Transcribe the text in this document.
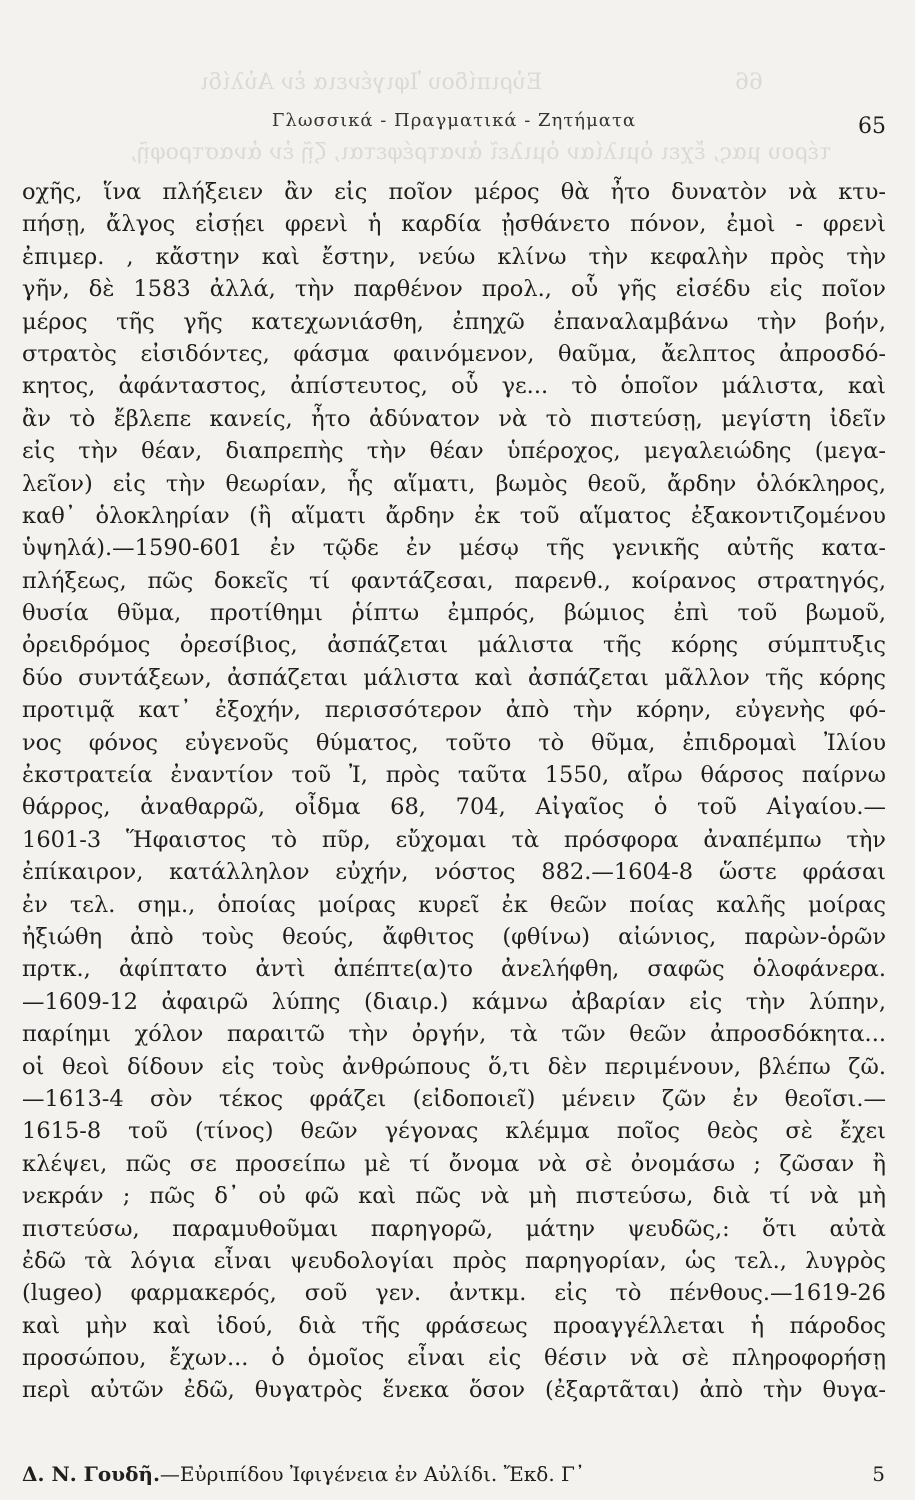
Εὐριπίδου Ἰφιγένεια ἐν Αὐλίδι	66
τέρου μας, ἔχει ὁμιλίαν ὁμιλεῖ ἀνατρέφεται, ζῇ ἐν ἀναστροφῇ,
Γλωσσικά - Πραγματικά - Ζητήματα	65
οχῆς, ἵνα πλήξειεν ἂν εἰς ποῖον μέρος θὰ ἦτο δυνατὸν νὰ κτυ-
πήσῃ, ἄλγος εἰσῄει φρενὶ ἡ καρδία ᾐσθάνετο πόνον, ἐμοὶ - φρενὶ
ἐπιμερ. , κἄστην καὶ ἔστην, νεύω κλίνω τὴν κεφαλὴν πρὸς τὴν
γῆν, δὲ 1583 ἀλλά, τὴν παρθένον προλ., οὗ γῆς εἰσέδυ εἰς ποῖον
μέρος τῆς γῆς κατεχωνιάσθη, ἐπηχῶ ἐπαναλαμβάνω τὴν βοήν,
στρατὸς εἰσιδόντες, φάσμα φαινόμενον, θαῦμα, ἄελπτος ἀπροσδό-
κητος, ἀφάνταστος, ἀπίστευτος, οὗ γε... τὸ ὁποῖον μάλιστα, καὶ
ἂν τὸ ἔβλεπε κανείς, ἦτο ἀδύνατον νὰ τὸ πιστεύσῃ, μεγίστη ἰδεῖν
εἰς τὴν θέαν, διαπρεπὴς τὴν θέαν ὑπέροχος, μεγαλειώδης (μεγα-
λεῖον) εἰς τὴν θεωρίαν, ἧς αἵματι, βωμὸς θεοῦ, ἄρδην ὁλόκληρος,
καθ᾽ ὁλοκληρίαν (ἢ αἵματι ἄρδην ἐκ τοῦ αἵματος ἐξακοντιζομένου
ὑψηλά).—1590-601 ἐν τῷδε ἐν μέσῳ τῆς γενικῆς αὐτῆς κατα-
πλήξεως, πῶς δοκεῖς τί φαντάζεσαι, παρενθ., κοίρανος στρατηγός,
θυσία θῦμα, προτίθημι ῥίπτω ἐμπρός, βώμιος ἐπὶ τοῦ βωμοῦ,
ὀρειδρόμος ὀρεσίβιος, ἀσπάζεται μάλιστα τῆς κόρης σύμπτυξις
δύο συντάξεων, ἀσπάζεται μάλιστα καὶ ἀσπάζεται μᾶλλον τῆς κόρης
προτιμᾷ κατ᾽ ἐξοχήν, περισσότερον ἀπὸ τὴν κόρην, εὐγενὴς φό-
νος φόνος εὐγενοῦς θύματος, τοῦτο τὸ θῦμα, ἐπιδρομαὶ Ἰλίου
ἐκστρατεία ἐναντίον τοῦ Ἰ, πρὸς ταῦτα 1550, αἴρω θάρσος παίρνω
θάρρος, ἀναθαρρῶ, οἶδμα 68, 704, Αἰγαῖος ὁ τοῦ Αἰγαίου.—
1601-3 Ἥφαιστος τὸ πῦρ, εὔχομαι τὰ πρόσφορα ἀναπέμπω τὴν
ἐπίκαιρον, κατάλληλον εὐχήν, νόστος 882.—1604-8 ὥστε φράσαι
ἐν τελ. σημ., ὁποίας μοίρας κυρεῖ ἐκ θεῶν ποίας καλῆς μοίρας
ἠξιώθη ἀπὸ τοὺς θεούς, ἄφθιτος (φθίνω) αἰώνιος, παρὼν-ὁρῶν
πρτκ., ἀφίπτατο ἀντὶ ἀπέπτε(α)το ἀνελήφθη, σαφῶς ὁλοφάνερα.
—1609-12 ἀφαιρῶ λύπης (διαιρ.) κάμνω ἀβαρίαν εἰς τὴν λύπην,
παρίημι χόλον παραιτῶ τὴν ὀργήν, τὰ τῶν θεῶν ἀπροσδόκητα...
οἱ θεοὶ δίδουν εἰς τοὺς ἀνθρώπους ὅ,τι δὲν περιμένουν, βλέπω ζῶ.
—1613-4 σὸν τέκος φράζει (εἰδοποιεῖ) μένειν ζῶν ἐν θεοῖσι.—
1615-8 τοῦ (τίνος) θεῶν γέγονας κλέμμα ποῖος θεὸς σὲ ἔχει
κλέψει, πῶς σε προσείπω μὲ τί ὄνομα νὰ σὲ ὀνομάσω ; ζῶσαν ἢ
νεκράν ; πῶς δ᾽ οὐ φῶ καὶ πῶς νὰ μὴ πιστεύσω, διὰ τί νὰ μὴ
πιστεύσω, παραμυθοῦμαι παρηγορῶ, μάτην ψευδῶς,: ὅτι αὐτὰ
ἐδῶ τὰ λόγια εἶναι ψευδολογίαι πρὸς παρηγορίαν, ὡς τελ., λυγρὸς
(lugeo) φαρμακερός, σοῦ γεν. ἀντκμ. εἰς τὸ πένθους.—1619-26
καὶ μὴν καὶ ἰδού, διὰ τῆς φράσεως προαγγέλλεται ἡ πάροδος
προσώπου, ἔχων... ὁ ὁμοῖος εἶναι εἰς θέσιν νὰ σὲ πληροφορήσῃ
περὶ αὐτῶν ἐδῶ, θυγατρὸς ἕνεκα ὅσον (ἐξαρτᾶται) ἀπὸ τὴν θυγα-
Δ. Ν. Γουδῆ.—Εὐριπίδου Ἰφιγένεια ἐν Αὐλίδι. Ἔκδ. Γ᾽	5
